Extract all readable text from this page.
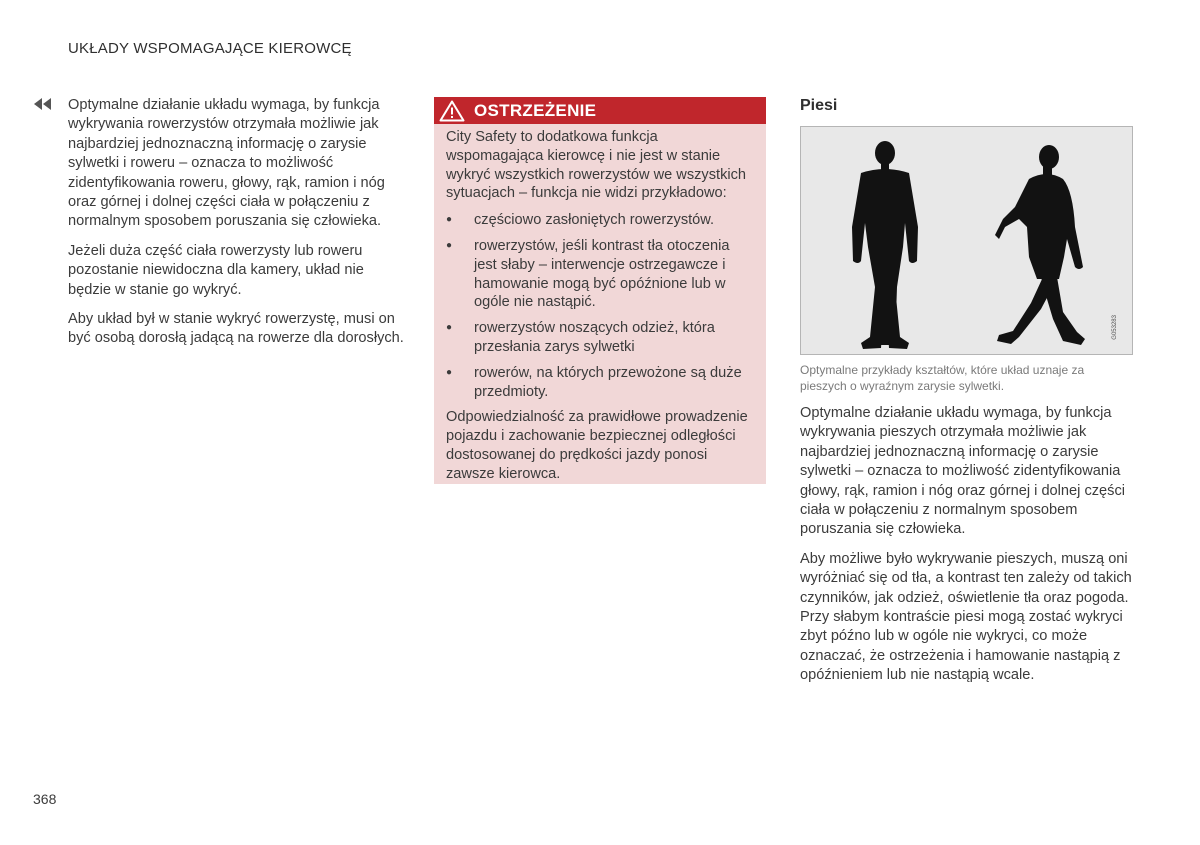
UKŁADY WSPOMAGAJĄCE KIEROWCĘ

Optymalne działanie układu wymaga, by funkcja wykrywania rowerzystów otrzymała możliwie jak najbardziej jednoznaczną informację o zarysie sylwetki i roweru – oznacza to możliwość zidentyfikowania roweru, głowy, rąk, ramion i nóg oraz górnej i dolnej części ciała w połączeniu z normalnym sposobem poruszania się człowieka.

Jeżeli duża część ciała rowerzysty lub roweru pozostanie niewidoczna dla kamery, układ nie będzie w stanie go wykryć.

Aby układ był w stanie wykryć rowerzystę, musi on być osobą dorosłą jadącą na rowerze dla dorosłych.

OSTRZEŻENIE

City Safety to dodatkowa funkcja wspomagająca kierowcę i nie jest w stanie wykryć wszystkich rowerzystów we wszystkich sytuacjach – funkcja nie widzi przykładowo:

● częściowo zasłoniętych rowerzystów.
● rowerzystów, jeśli kontrast tła otoczenia jest słaby – interwencje ostrzegawcze i hamowanie mogą być opóźnione lub w ogóle nie nastąpić.
● rowerzystów noszących odzież, która przesłania zarys sylwetki
● rowerów, na których przewożone są duże przedmioty.

Odpowiedzialność za prawidłowe prowadzenie pojazdu i zachowanie bezpiecznej odległości dostosowanej do prędkości jazdy ponosi zawsze kierowca.

Piesi
G053283
Optymalne przykłady kształtów, które układ uznaje za pieszych o wyraźnym zarysie sylwetki.

Optymalne działanie układu wymaga, by funkcja wykrywania pieszych otrzymała możliwie jak najbardziej jednoznaczną informację o zarysie sylwetki – oznacza to możliwość zidentyfikowania głowy, rąk, ramion i nóg oraz górnej i dolnej części ciała w połączeniu z normalnym sposobem poruszania się człowieka.

Aby możliwe było wykrywanie pieszych, muszą oni wyróżniać się od tła, a kontrast ten zależy od takich czynników, jak odzież, oświetlenie tła oraz pogoda. Przy słabym kontraście piesi mogą zostać wykryci zbyt późno lub w ogóle nie wykryci, co może oznaczać, że ostrzeżenia i hamowanie nastąpią z opóźnieniem lub nie nastąpią wcale.

368
